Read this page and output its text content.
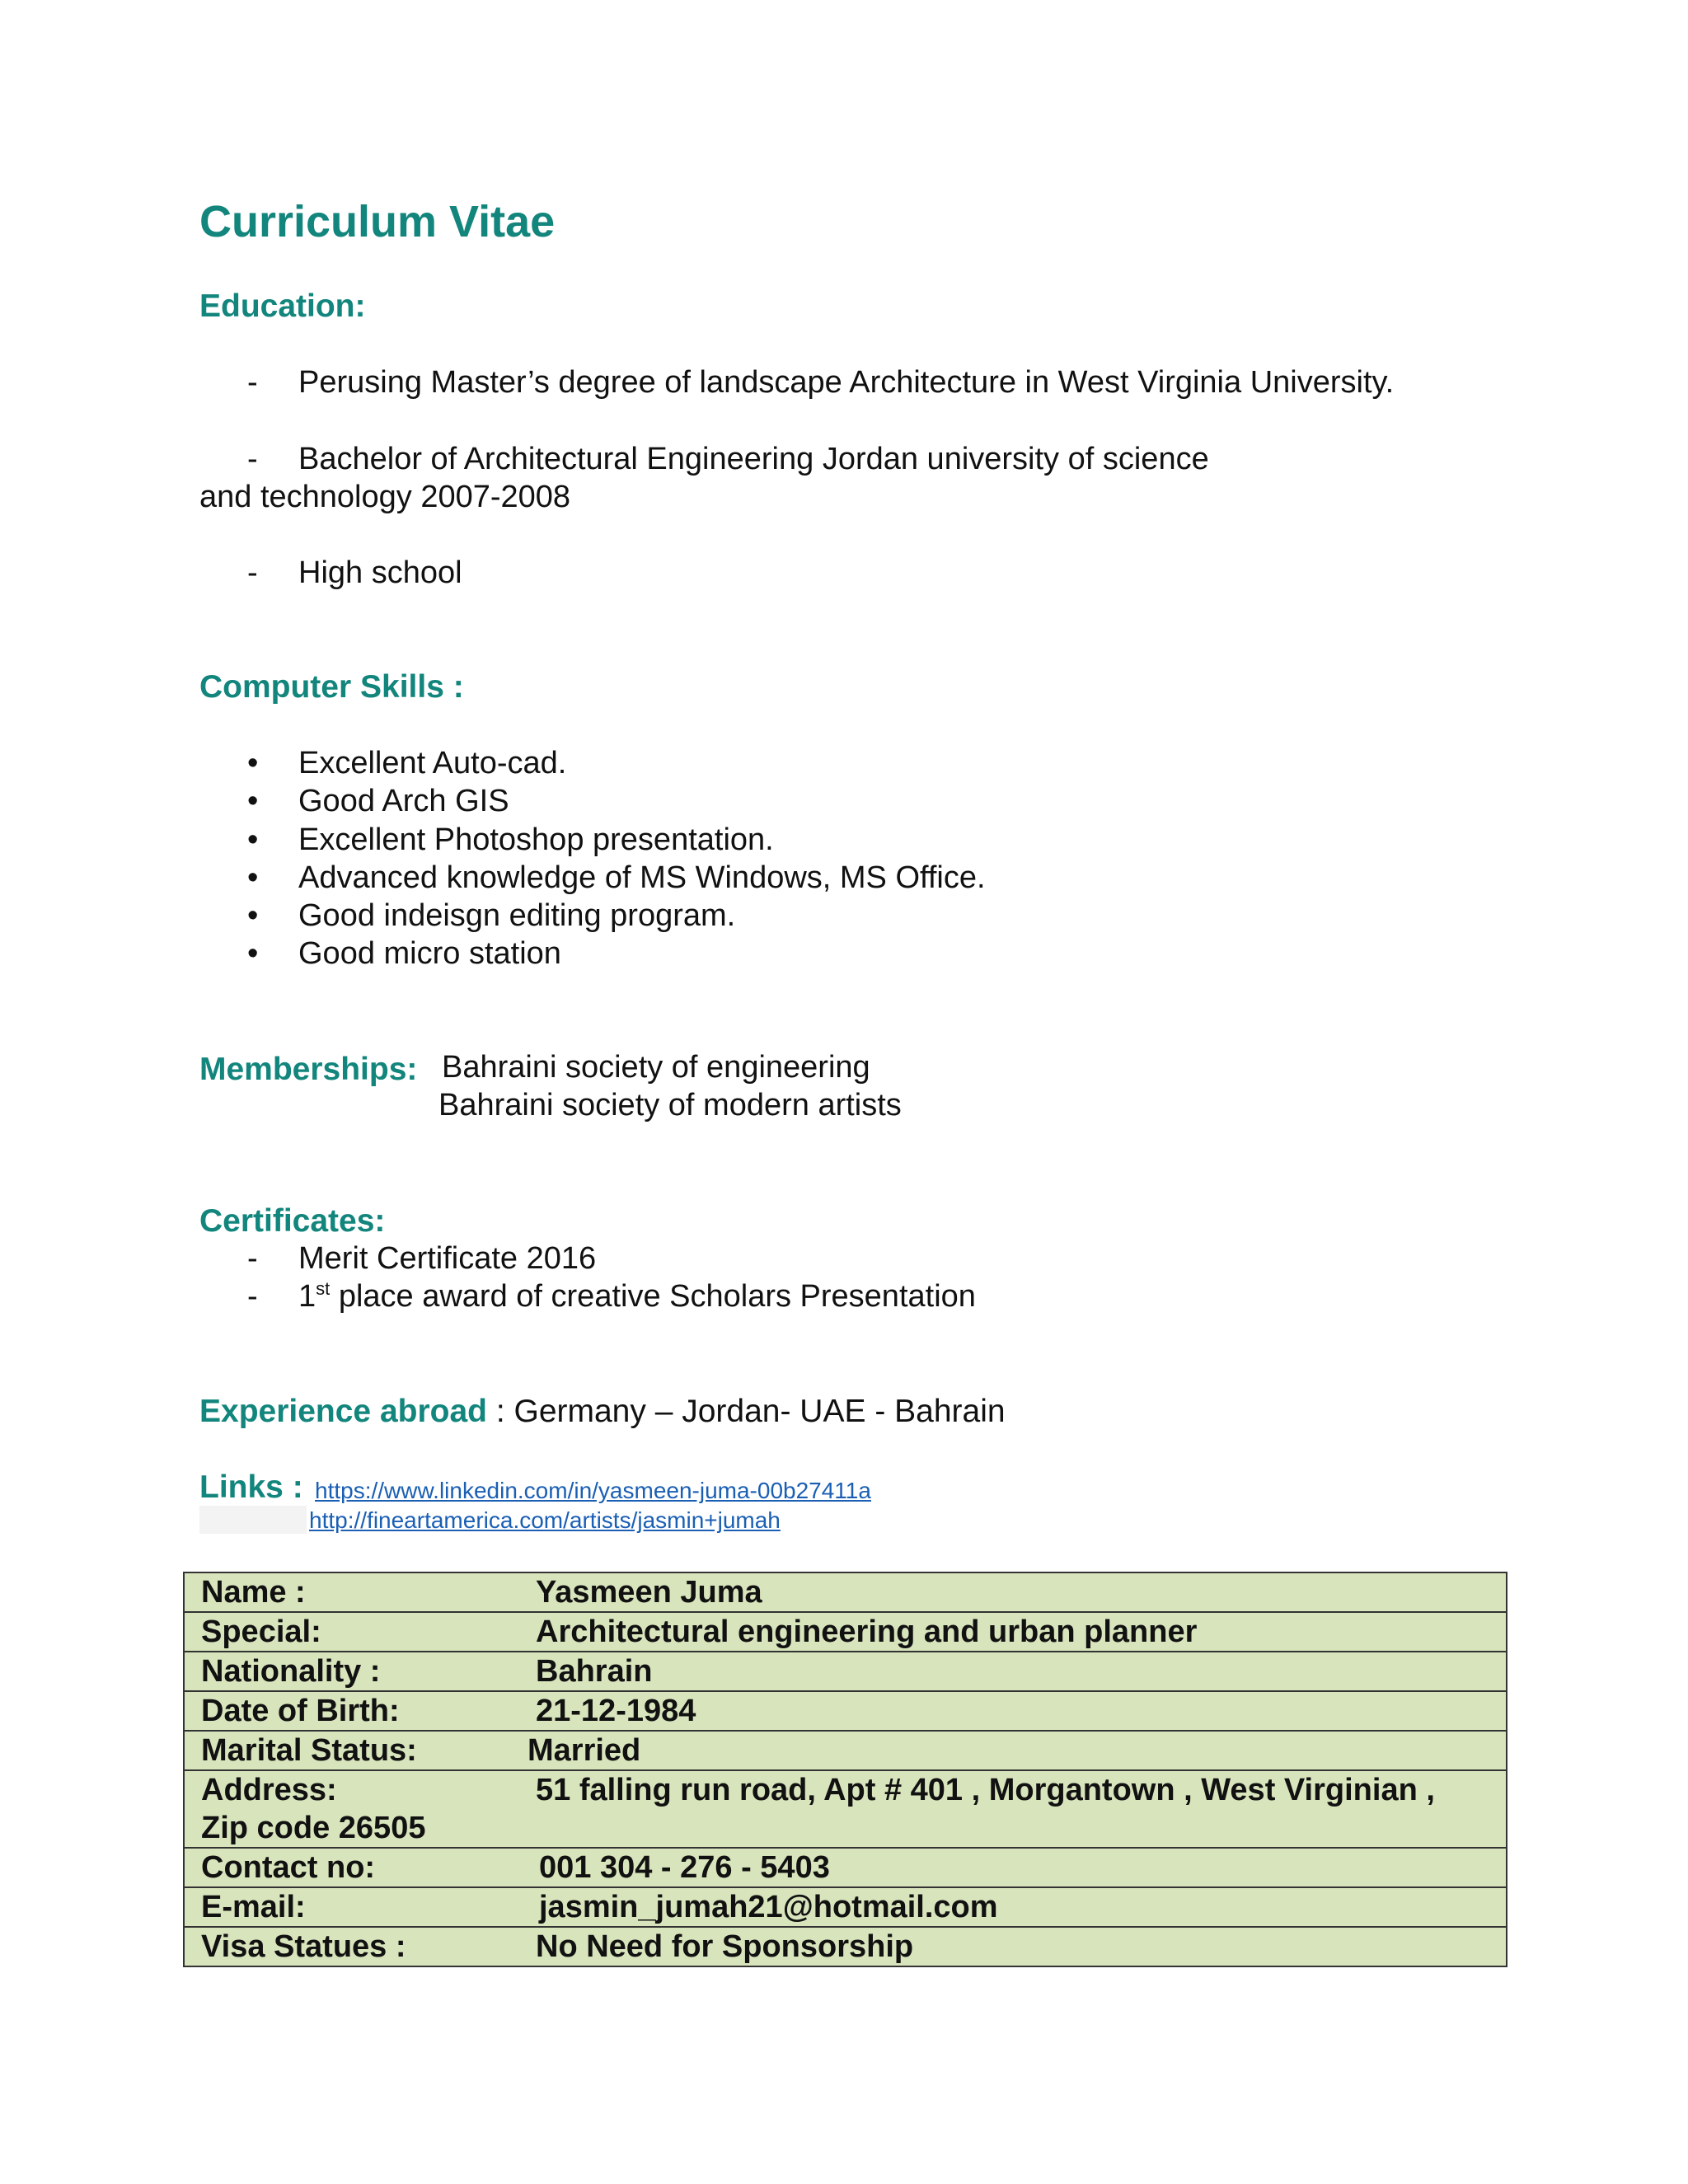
Curriculum Vitae
Education:
- Perusing Master’s degree of landscape Architecture in West Virginia University.
- Bachelor of Architectural Engineering Jordan university of science
and technology 2007-2008
- High school
Computer Skills :
• Excellent Auto-cad.
• Good Arch GIS
• Excellent Photoshop presentation.
• Advanced knowledge of MS Windows, MS Office.
• Good indeisgn editing program.
• Good micro station
Memberships: Bahraini society of engineering
Bahraini society of modern artists
Certificates:
- Merit Certificate 2016
- 1st place award of creative Scholars Presentation
Experience abroad : Germany – Jordan- UAE - Bahrain
Links : https://www.linkedin.com/in/yasmeen-juma-00b27411a
http://fineartamerica.com/artists/jasmin+jumah
Name :	Yasmeen Juma
Special:	Architectural engineering and urban planner
Nationality :	Bahrain
Date of Birth:	21-12-1984
Marital Status:	Married
Address:	51 falling run road, Apt # 401 , Morgantown , West Virginian ,
Zip code 26505
Contact no:	001 304 - 276 - 5403
E-mail:	jasmin_jumah21@hotmail.com
Visa Statues :	No Need for Sponsorship
